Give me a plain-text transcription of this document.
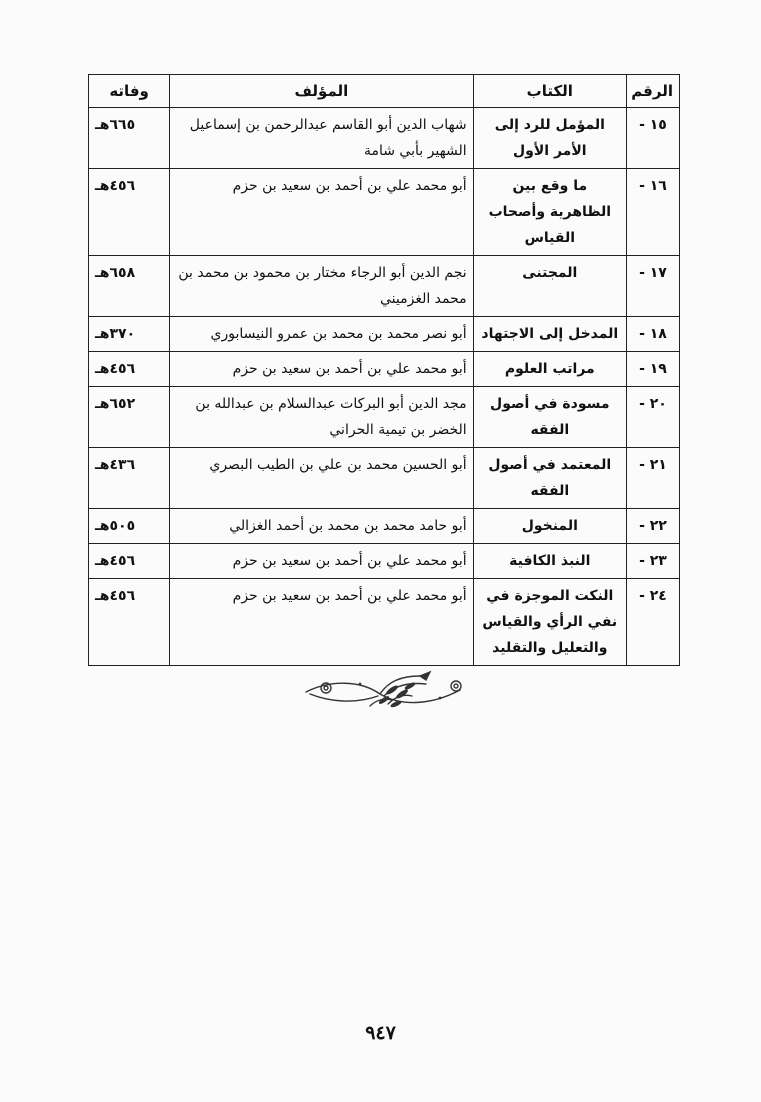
الرقم	الكتاب	المؤلف	وفاته
١٥ -	المؤمل للرد إلى الأمر الأول	شهاب الدين أبو القاسم عبدالرحمن بن إسماعيل الشهير بأبي شامة	٦٦٥هـ
١٦ -	ما وقع بين الظاهرية وأصحاب القياس	أبو محمد علي بن أحمد بن سعيد بن حزم	٤٥٦هـ
١٧ -	المجتنى	نجم الدين أبو الرجاء مختار بن محمود بن محمد بن محمد الغزميني	٦٥٨هـ
١٨ -	المدخل إلى الاجتهاد	أبو نصر محمد بن محمد بن عمرو النيسابوري	٣٧٠هـ
١٩ -	مراتب العلوم	أبو محمد علي بن أحمد بن سعيد بن حزم	٤٥٦هـ
٢٠ -	مسودة في أصول الفقه	مجد الدين أبو البركات عبدالسلام بن عبدالله بن الخضر بن تيمية الحراني	٦٥٢هـ
٢١ -	المعتمد في أصول الفقه	أبو الحسين محمد بن علي بن الطيب البصري	٤٣٦هـ
٢٢ -	المنخول	أبو حامد محمد بن محمد بن أحمد الغزالي	٥٠٥هـ
٢٣ -	النبذ الكافية	أبو محمد علي بن أحمد بن سعيد بن حزم	٤٥٦هـ
٢٤ -	النكت الموجزة في نفي الرأي والقياس والتعليل والتقليد	أبو محمد علي بن أحمد بن سعيد بن حزم	٤٥٦هـ
٩٤٧
